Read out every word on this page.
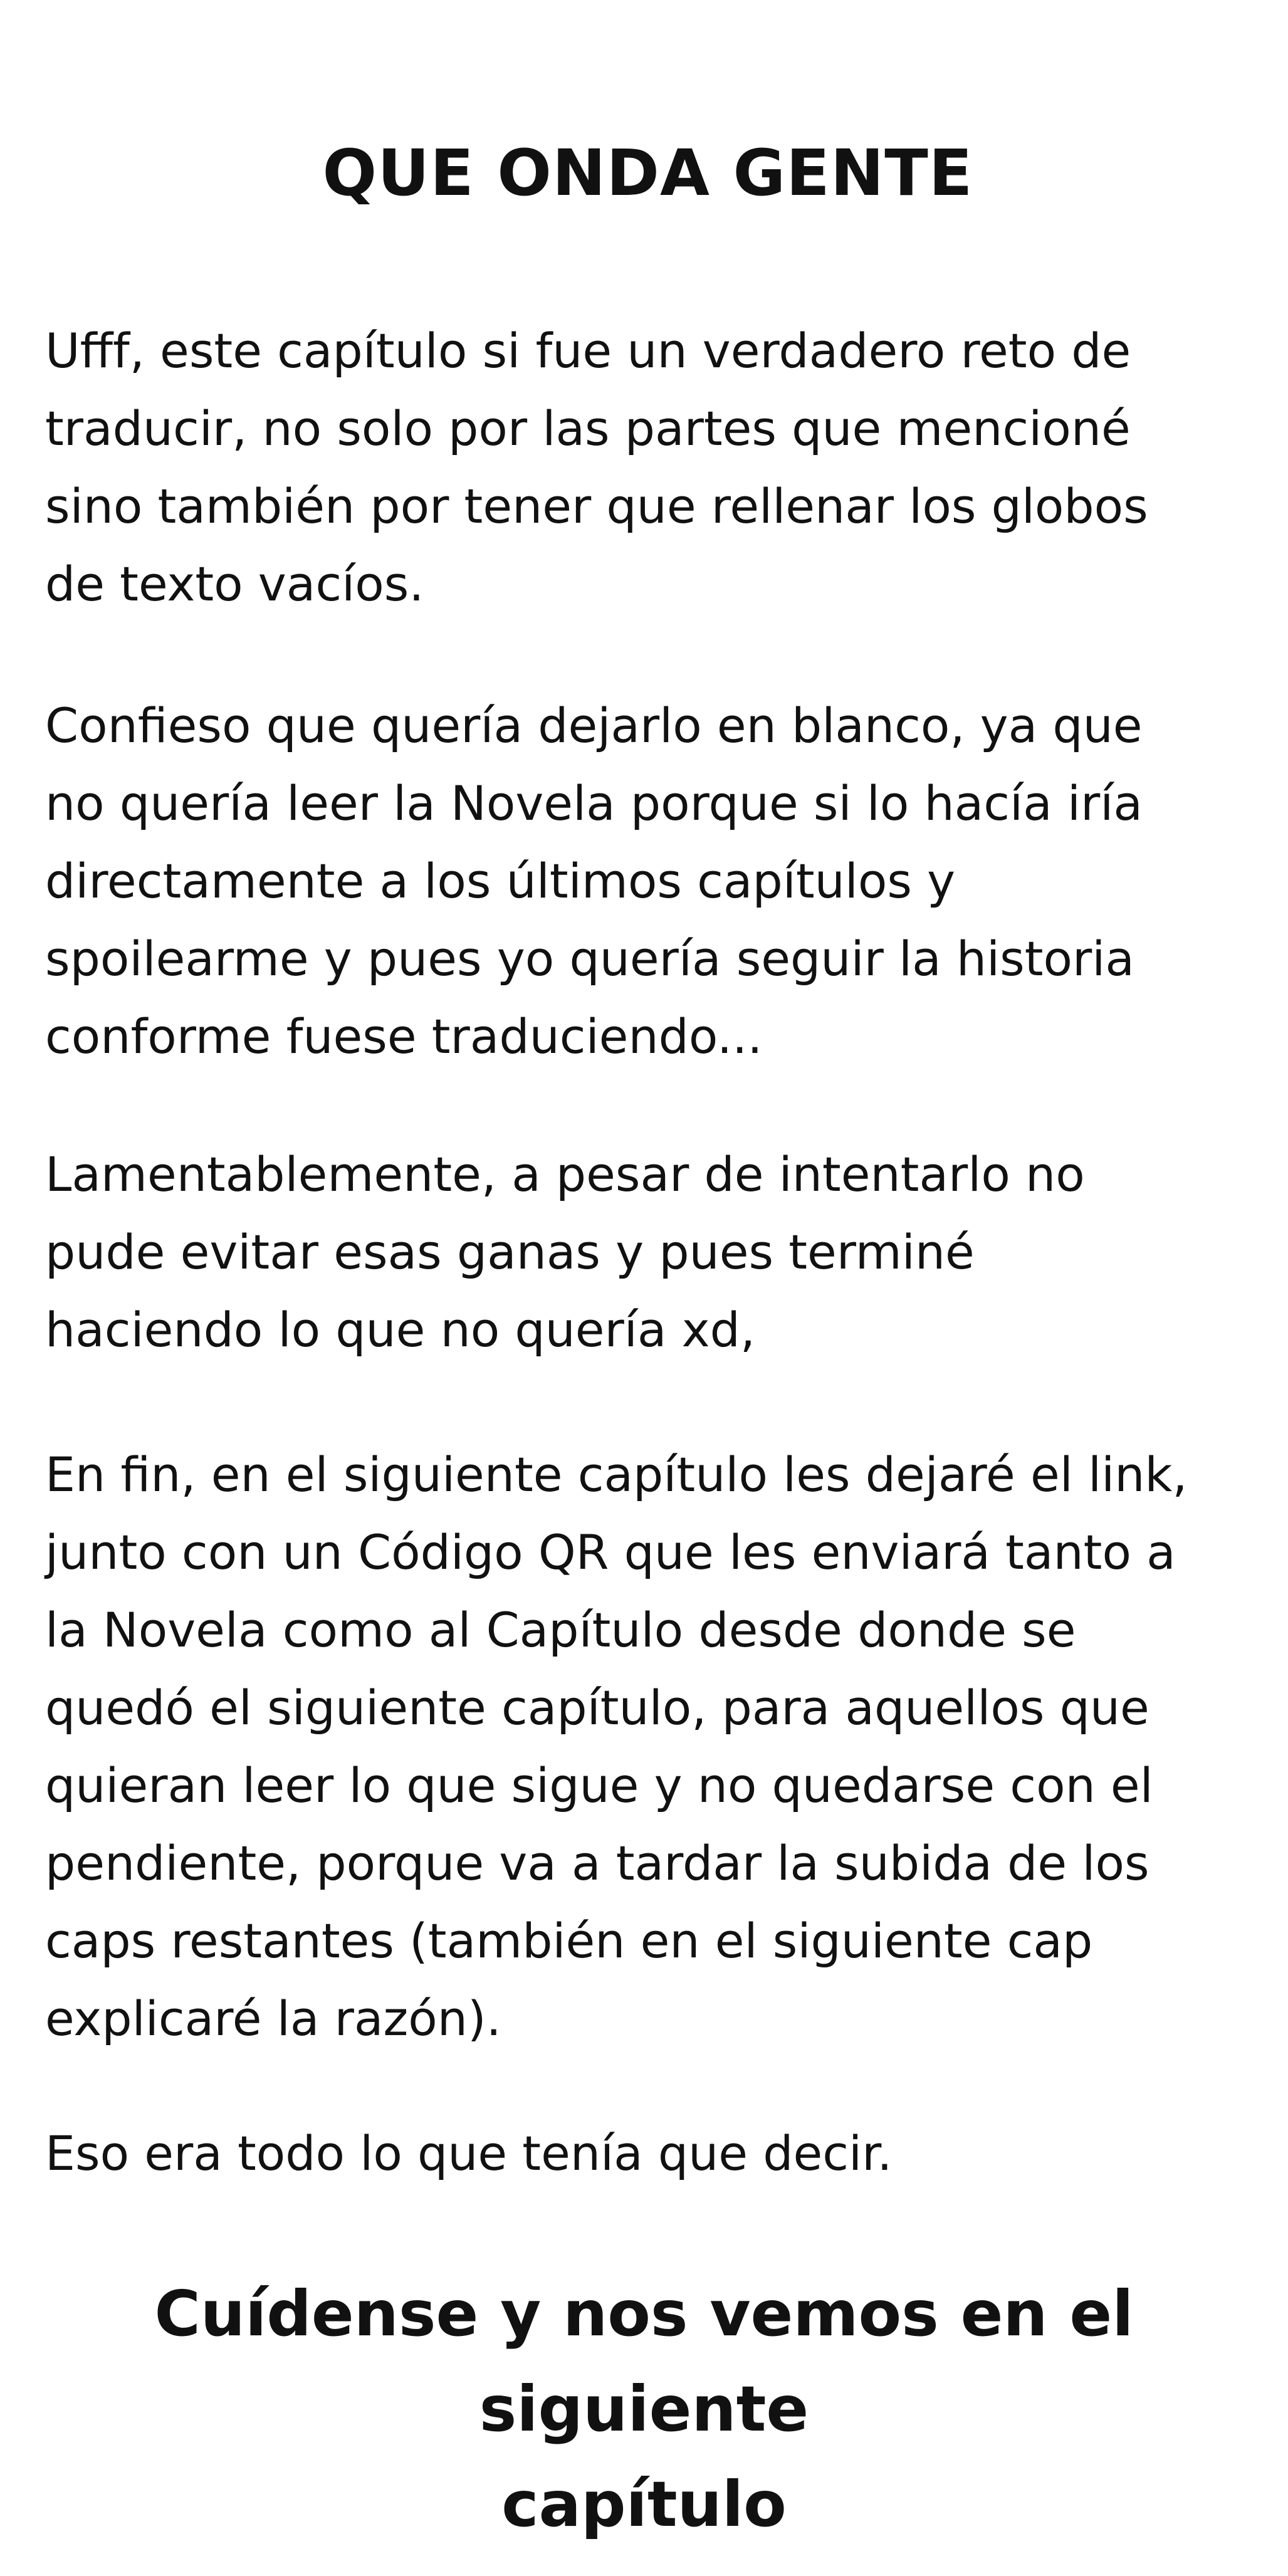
QUE ONDA GENTE

Ufff, este capítulo si fue un verdadero reto de
traducir, no solo por las partes que mencioné
sino también por tener que rellenar los globos
de texto vacíos.

Confieso que quería dejarlo en blanco, ya que
no quería leer la Novela porque si lo hacía iría
directamente a los últimos capítulos y
spoilearme y pues yo quería seguir la historia
conforme fuese traduciendo...

Lamentablemente, a pesar de intentarlo no
pude evitar esas ganas y pues terminé
haciendo lo que no quería xd,

En fin, en el siguiente capítulo les dejaré el link,
junto con un Código QR que les enviará tanto a
la Novela como al Capítulo desde donde se
quedó el siguiente capítulo, para aquellos que
quieran leer lo que sigue y no quedarse con el
pendiente, porque va a tardar la subida de los
caps restantes (también en el siguiente cap
explicaré la razón).

Eso era todo lo que tenía que decir.

Cuídense y nos vemos en el siguiente
capítulo
